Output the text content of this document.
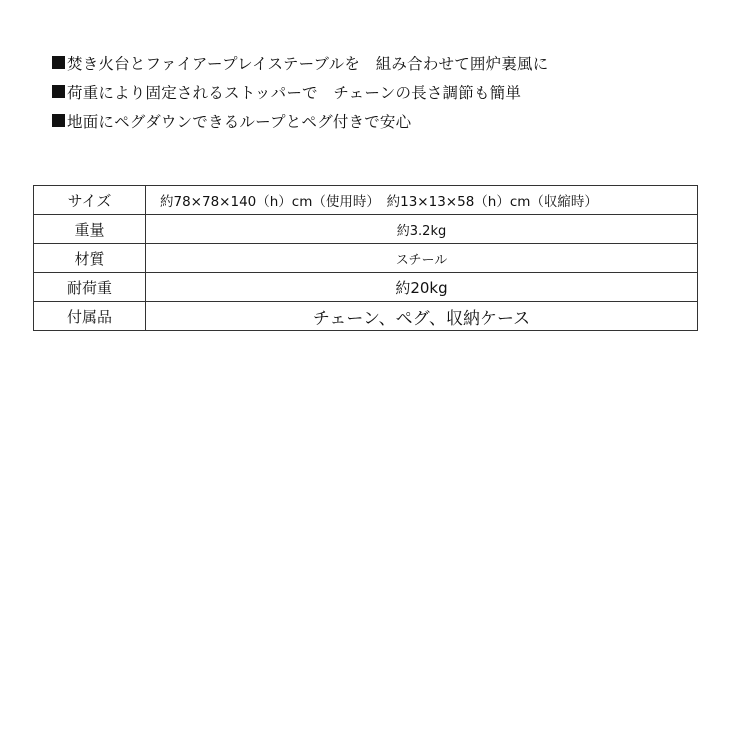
焚き火台とファイアープレイステーブルを　組み合わせて囲炉裏風に
荷重により固定されるストッパーで　チェーンの長さ調節も簡単
地面にペグダウンできるループとペグ付きで安心
サイズ	約78×78×140（h）cm（使用時）　約13×13×58（h）cm（収縮時）
重量	約3.2kg
材質	スチール
耐荷重	約20kg
付属品	チェーン、ペグ、収納ケース
